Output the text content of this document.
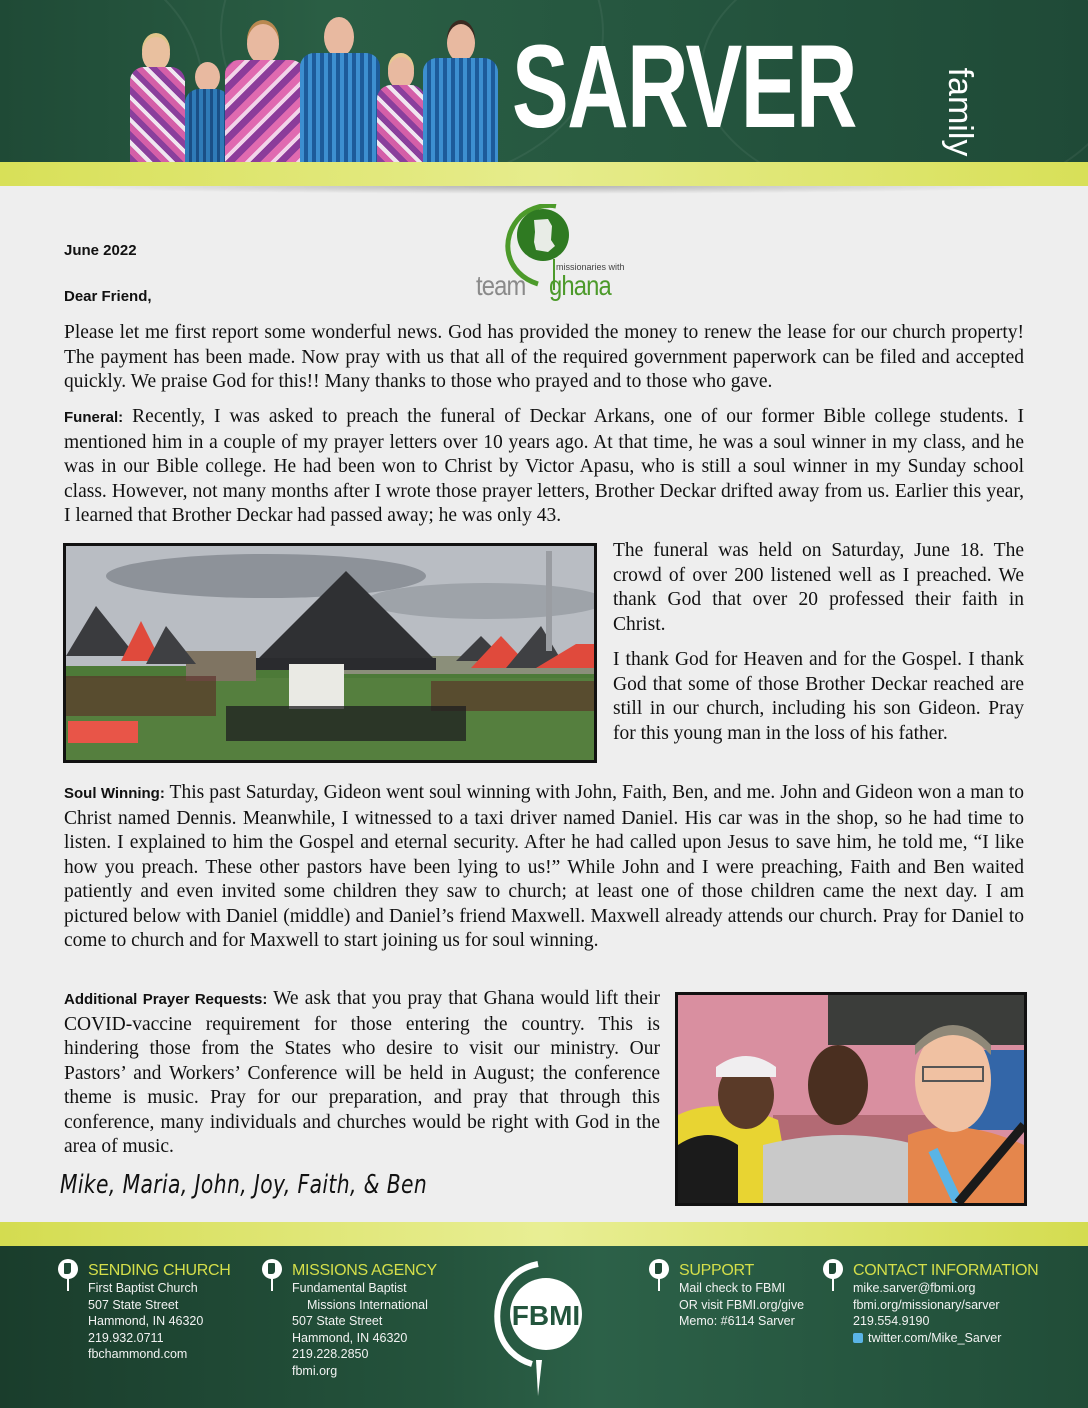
SARVER	family
June 2022
Dear Friend,
missionaries with
team ghana
Please let me first report some wonderful news. God has provided the money to renew the lease for our church property! The payment has been made. Now pray with us that all of the required government paperwork can be filed and accepted quickly. We praise God for this!! Many thanks to those who prayed and to those who gave.
Funeral: Recently, I was asked to preach the funeral of Deckar Arkans, one of our former Bible college students. I mentioned him in a couple of my prayer letters over 10 years ago. At that time, he was a soul winner in my class, and he was in our Bible college. He had been won to Christ by Victor Apasu, who is still a soul winner in my Sunday school class. However, not many months after I wrote those prayer letters, Brother Deckar drifted away from us. Earlier this year, I learned that Brother Deckar had passed away; he was only 43.
The funeral was held on Saturday, June 18. The crowd of over 200 listened well as I preached. We thank God that over 20 professed their faith in Christ.
I thank God for Heaven and for the Gospel. I thank God that some of those Brother Deckar reached are still in our church, including his son Gideon. Pray for this young man in the loss of his father.
Soul Winning: This past Saturday, Gideon went soul winning with John, Faith, Ben, and me. John and Gideon won a man to Christ named Dennis. Meanwhile, I witnessed to a taxi driver named Daniel. His car was in the shop, so he had time to listen. I explained to him the Gospel and eternal security. After he had called upon Jesus to save him, he told me, “I like how you preach. These other pastors have been lying to us!” While John and I were preaching, Faith and Ben waited patiently and even invited some children they saw to church; at least one of those children came the next day. I am pictured below with Daniel (middle) and Daniel’s friend Maxwell. Maxwell already attends our church. Pray for Daniel to come to church and for Maxwell to start joining us for soul winning.
Additional Prayer Requests: We ask that you pray that Ghana would lift their COVID-vaccine requirement for those entering the country. This is hindering those from the States who desire to visit our ministry. Our Pastors’ and Workers’ Conference will be held in August; the conference theme is music. Pray for our preparation, and pray that through this conference, many individuals and churches would be right with God in the area of music.
Mike, Maria, John, Joy, Faith, & Ben
SENDING CHURCH
First Baptist Church
507 State Street
Hammond, IN 46320
219.932.0711
fbchammond.com
MISSIONS AGENCY
Fundamental Baptist
Missions International
507 State Street
Hammond, IN 46320
219.228.2850
fbmi.org
FBMI
SUPPORT
Mail check to FBMI
OR visit FBMI.org/give
Memo: #6114 Sarver
CONTACT INFORMATION
mike.sarver@fbmi.org
fbmi.org/missionary/sarver
219.554.9190
twitter.com/Mike_Sarver
